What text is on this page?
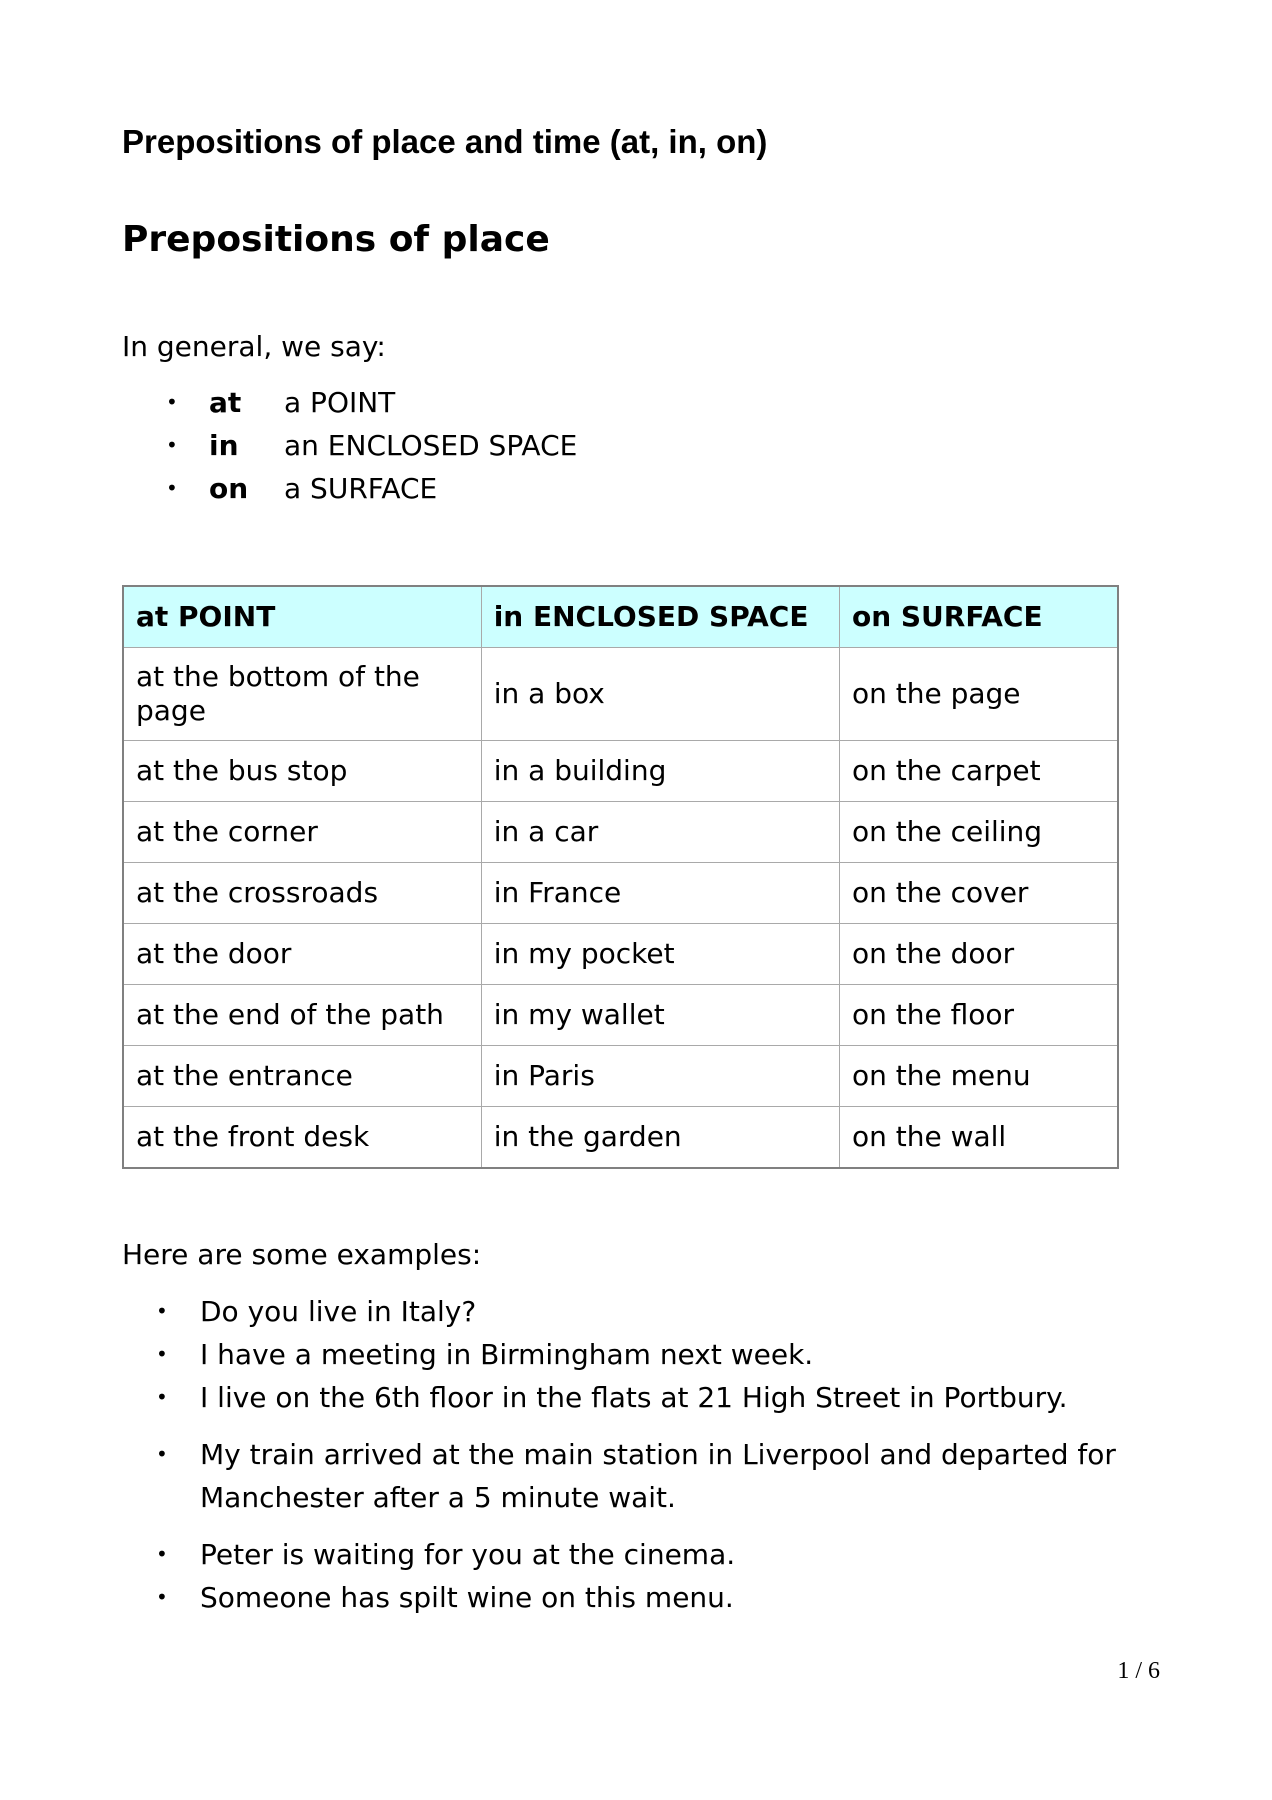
Prepositions of place and time (at, in, on)
Prepositions of place

In general, we say:

• at a POINT
• in an ENCLOSED SPACE
• on a SURFACE
at POINT	in ENCLOSED SPACE	on SURFACE
at the bottom of the page	in a box	on the page
at the bus stop	in a building	on the carpet
at the corner	in a car	on the ceiling
at the crossroads	in France	on the cover
at the door	in my pocket	on the door
at the end of the path	in my wallet	on the floor
at the entrance	in Paris	on the menu
at the front desk	in the garden	on the wall

Here are some examples:

• Do you live in Italy?
• I have a meeting in Birmingham next week.
• I live on the 6th floor in the flats at 21 High Street in Portbury.
• My train arrived at the main station in Liverpool and departed for Manchester after a 5 minute wait.
• Peter is waiting for you at the cinema.
• Someone has spilt wine on this menu.

1 / 6
